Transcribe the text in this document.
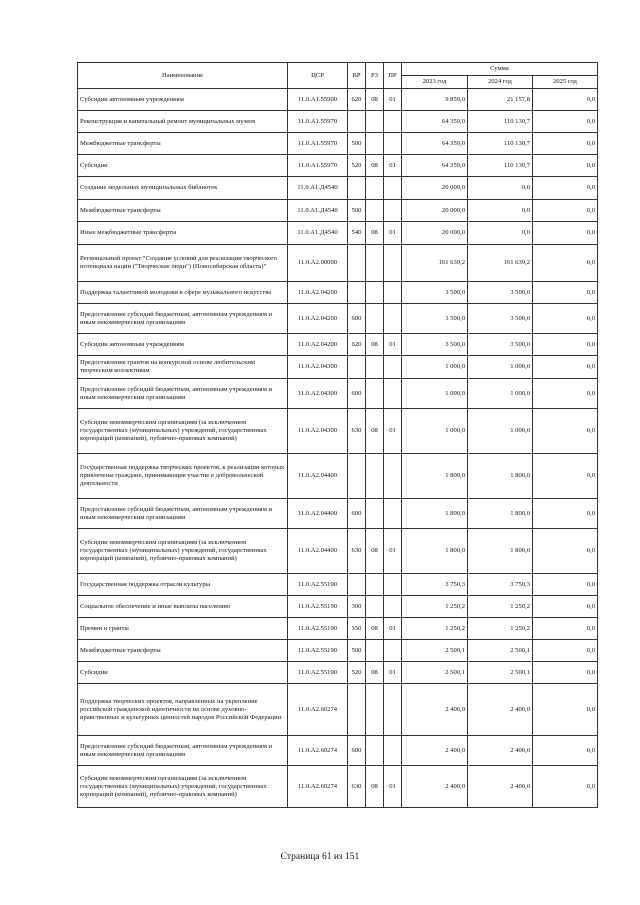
Наименование	ЦСР	ВР	РЗ	ПР	Сумма		
					2023 год	2024 год	2025 год
Субсидии автономным учреждениям	11.0.А1.55900	620	08	01	9 859,0	21 157,8	0,0
Реконструкция и капитальный ремонт муниципальных музеев	11.0.А1.55970				64 359,0	110 130,7	0,0
Межбюджетные трансферты	11.0.А1.55970	500			64 359,0	110 130,7	0,0
Субсидии	11.0.А1.55970	520	08	01	64 359,0	110 130,7	0,0
Создание модельных муниципальных библиотек	11.0.А1.Д4540				20 000,0	0,0	0,0
Межбюджетные трансферты	11.0.А1.Д4540	500			20 000,0	0,0	0,0
Иные межбюджетные трансферты	11.0.А1.Д4540	540	08	01	20 000,0	0,0	0,0
Региональный проект "Создание условий для реализации творческого потенциала нации ("Творческие люди") (Новосибирская область)"	11.0.А2.00000				161 639,2	161 639,2	0,0
Поддержка талантливой молодежи в сфере музыкального искусства	11.0.А2.04200				3 500,0	3 500,0	0,0
Предоставление субсидий бюджетным, автономным учреждениям и иным некоммерческим организациям	11.0.А2.04200	600			3 500,0	3 500,0	0,0
Субсидии автономным учреждениям	11.0.А2.04200	620	08	01	3 500,0	3 500,0	0,0
Предоставление грантов на конкурсной основе любительским творческим коллективам	11.0.А2.04300				1 000,0	1 000,0	0,0
Предоставление субсидий бюджетным, автономным учреждениям и иным некоммерческим организациям	11.0.А2.04300	600			1 000,0	1 000,0	0,0
Субсидии некоммерческим организациям (за исключением государственных (муниципальных) учреждений, государственных корпораций (компаний), публично-правовых компаний)	11.0.А2.04300	630	08	01	1 000,0	1 000,0	0,0
Государственная поддержка творческих проектов, к реализации которых привлечены граждане, принимающие участие в добровольческой деятельности	11.0.А2.04400				1 800,0	1 800,0	0,0
Предоставление субсидий бюджетным, автономным учреждениям и иным некоммерческим организациям	11.0.А2.04400	600			1 800,0	1 800,0	0,0
Субсидии некоммерческим организациям (за исключением государственных (муниципальных) учреждений, государственных корпораций (компаний), публично-правовых компаний)	11.0.А2.04400	630	08	01	1 800,0	1 800,0	0,0
Государственная поддержка отрасли культуры	11.0.А2.55190				3 750,3	3 750,3	0,0
Социальное обеспечение и иные выплаты населению	11.0.А2.55190	300			1 250,2	1 250,2	0,0
Премии и гранты	11.0.А2.55190	350	08	01	1 250,2	1 250,2	0,0
Межбюджетные трансферты	11.0.А2.55190	500			2 500,1	2 500,1	0,0
Субсидии	11.0.А2.55190	520	08	01	2 500,1	2 500,1	0,0
Поддержка творческих проектов, направленных на укрепление российской гражданской идентичности на основе духовно-нравственных и культурных ценностей народов Российской Федерации	11.0.А2.60274				2 400,0	2 400,0	0,0
Предоставление субсидий бюджетным, автономным учреждениям и иным некоммерческим организациям	11.0.А2.60274	600			2 400,0	2 400,0	0,0
Субсидии некоммерческим организациям (за исключением государственных (муниципальных) учреждений, государственных корпораций (компаний), публично-правовых компаний)	11.0.А2.60274	630	08	01	2 400,0	2 400,0	0,0
Страница 61 из 151
